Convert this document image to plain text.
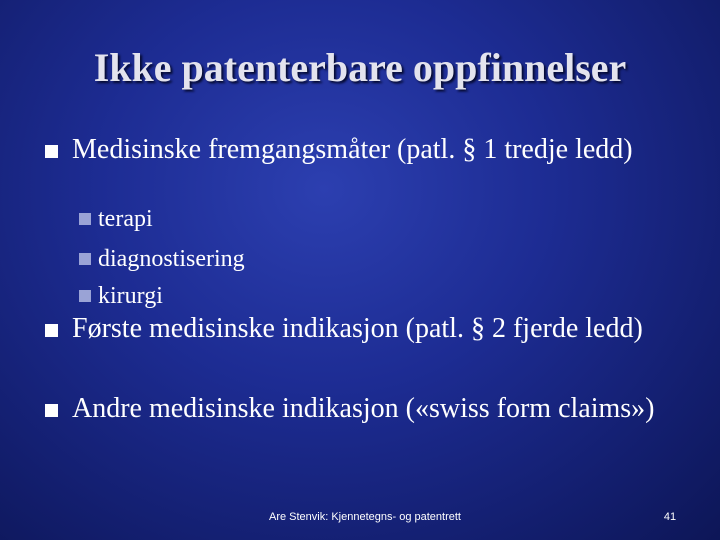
Ikke patenterbare oppfinnelser
Medisinske fremgangsmåter (patl. § 1 tredje ledd)
terapi
diagnostisering
kirurgi
Første medisinske indikasjon (patl. § 2 fjerde ledd)
Andre medisinske indikasjon («swiss form claims»)
Are Stenvik: Kjennetegns- og patentrett	41
